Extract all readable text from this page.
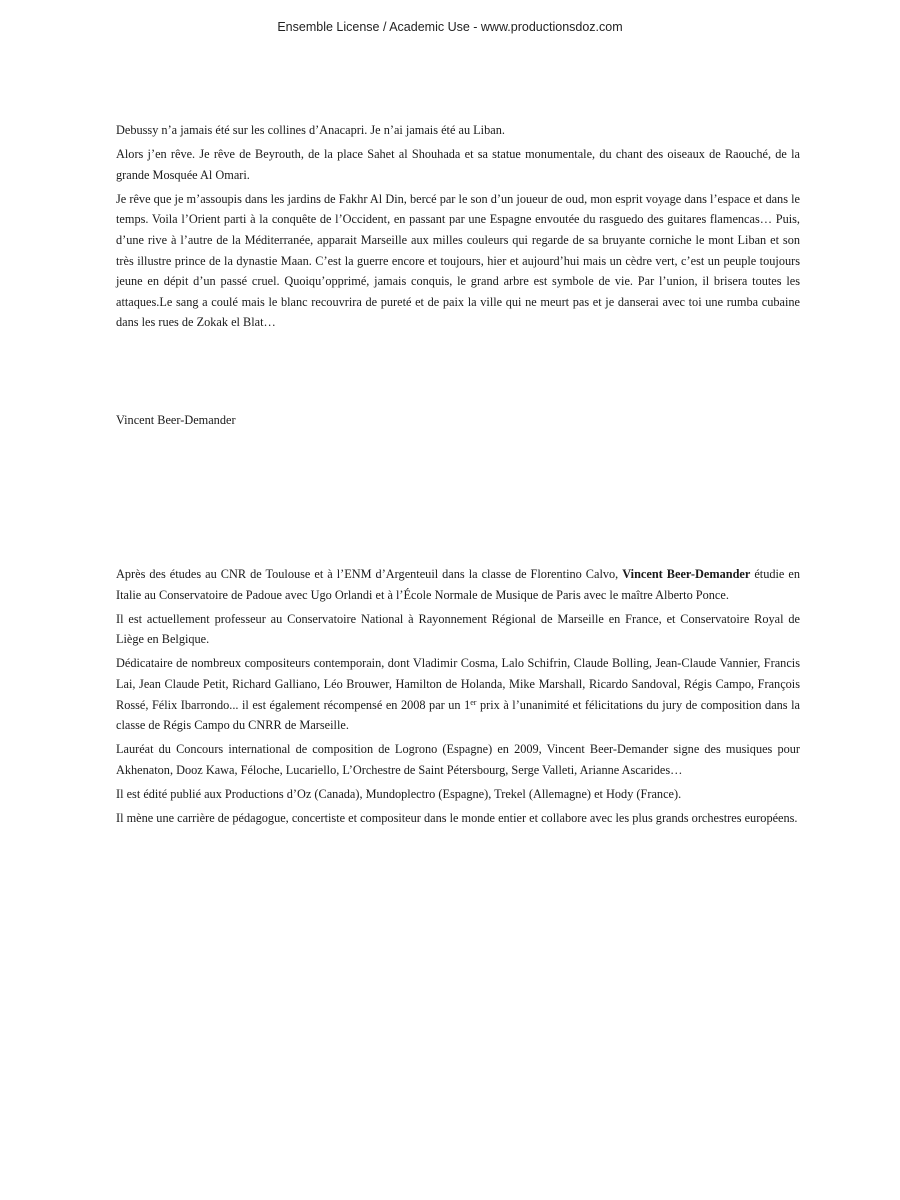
Ensemble License / Academic Use - www.productionsdoz.com

Debussy n’a jamais été sur les collines d’Anacapri. Je n’ai jamais été au Liban.

Alors j’en rêve. Je rêve de Beyrouth, de la place Sahet al Shouhada et sa statue monumentale, du chant des oiseaux de Raouché, de la grande Mosquée Al Omari.

Je rêve que je m’assoupis dans les jardins de Fakhr Al Din, bercé par le son d’un joueur de oud, mon esprit voyage dans l’espace et dans le temps. Voila l’Orient parti à la conquête de l’Occident, en passant par une Espagne envoutée du rasguedo des guitares flamencas… Puis, d’une rive à l’autre de la Méditerranée, apparait Marseille aux milles couleurs qui regarde de sa bruyante corniche le mont Liban et son très illustre prince de la dynastie Maan. C’est la guerre encore et toujours, hier et aujourd’hui mais un cèdre vert, c’est un peuple toujours jeune en dépit d’un passé cruel. Quoiqu’opprimé, jamais conquis, le grand arbre est symbole de vie. Par l’union, il brisera toutes les attaques.Le sang a coulé mais le blanc recouvrira de pureté et de paix la ville qui ne meurt pas et je danserai avec toi une rumba cubaine dans les rues de Zokak el Blat…

Vincent Beer-Demander

Après des études au CNR de Toulouse et à l’ENM d’Argenteuil dans la classe de Florentino Calvo, Vincent Beer-Demander étudie en Italie au Conservatoire de Padoue avec Ugo Orlandi et à l’École Normale de Musique de Paris avec le maître Alberto Ponce.

Il est actuellement professeur au Conservatoire National à Rayonnement Régional de Marseille en France, et Conservatoire Royal de Liège en Belgique.

Dédicataire de nombreux compositeurs contemporain, dont Vladimir Cosma, Lalo Schifrin, Claude Bolling, Jean-Claude Vannier, Francis Lai, Jean Claude Petit, Richard Galliano, Léo Brouwer, Hamilton de Holanda, Mike Marshall, Ricardo Sandoval, Régis Campo, François Rossé, Félix Ibarrondo... il est également récompensé en 2008 par un 1er prix à l’unanimité et félicitations du jury de composition dans la classe de Régis Campo du CNRR de Marseille.

Lauréat du Concours international de composition de Logrono (Espagne) en 2009, Vincent Beer-Demander signe des musiques pour Akhenaton, Dooz Kawa, Féloche, Lucariello, L’Orchestre de Saint Pétersbourg, Serge Valleti, Arianne Ascarides…

Il est édité publié aux Productions d’Oz (Canada), Mundoplectro (Espagne), Trekel (Allemagne) et Hody (France).

Il mène une carrière de pédagogue, concertiste et compositeur dans le monde entier et collabore avec les plus grands orchestres européens.
